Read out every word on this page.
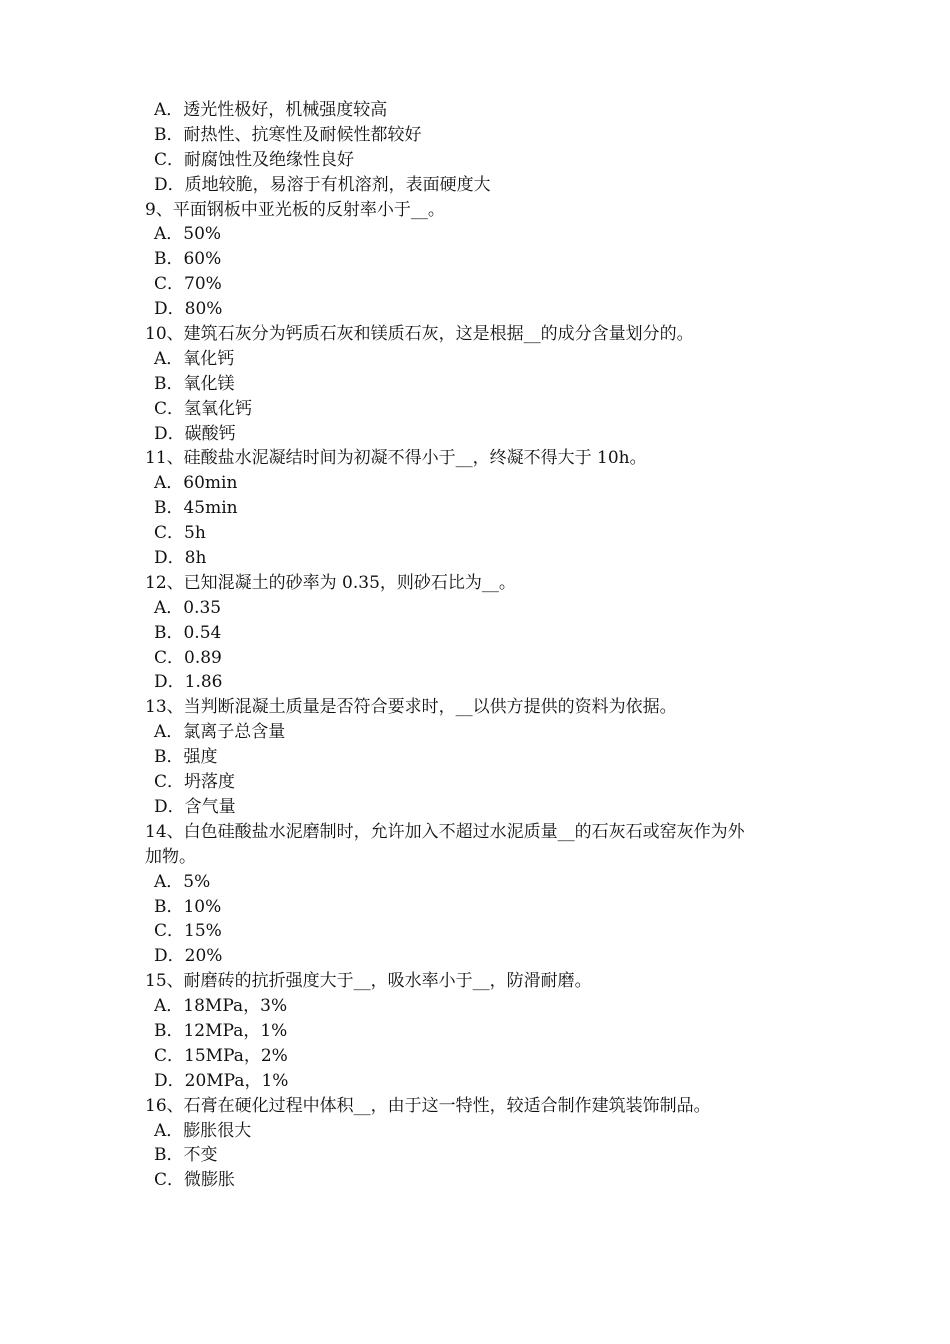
A．透光性极好，机械强度较高
B．耐热性、抗寒性及耐候性都较好
C．耐腐蚀性及绝缘性良好
D．质地较脆，易溶于有机溶剂，表面硬度大
9、平面钢板中亚光板的反射率小于__。
A．50%
B．60%
C．70%
D．80%
10、建筑石灰分为钙质石灰和镁质石灰，这是根据__的成分含量划分的。
A．氧化钙
B．氧化镁
C．氢氧化钙
D．碳酸钙
11、硅酸盐水泥凝结时间为初凝不得小于__，终凝不得大于 10h。
A．60min
B．45min
C．5h
D．8h
12、已知混凝土的砂率为 0.35，则砂石比为__。
A．0.35
B．0.54
C．0.89
D．1.86
13、当判断混凝土质量是否符合要求时，__以供方提供的资料为依据。
A．氯离子总含量
B．强度
C．坍落度
D．含气量
14、白色硅酸盐水泥磨制时，允许加入不超过水泥质量__的石灰石或窑灰作为外
加物。
A．5%
B．10%
C．15%
D．20%
15、耐磨砖的抗折强度大于__，吸水率小于__，防滑耐磨。
A．18MPa，3%
B．12MPa，1%
C．15MPa，2%
D．20MPa，1%
16、石膏在硬化过程中体积__，由于这一特性，较适合制作建筑装饰制品。
A．膨胀很大
B．不变
C．微膨胀
